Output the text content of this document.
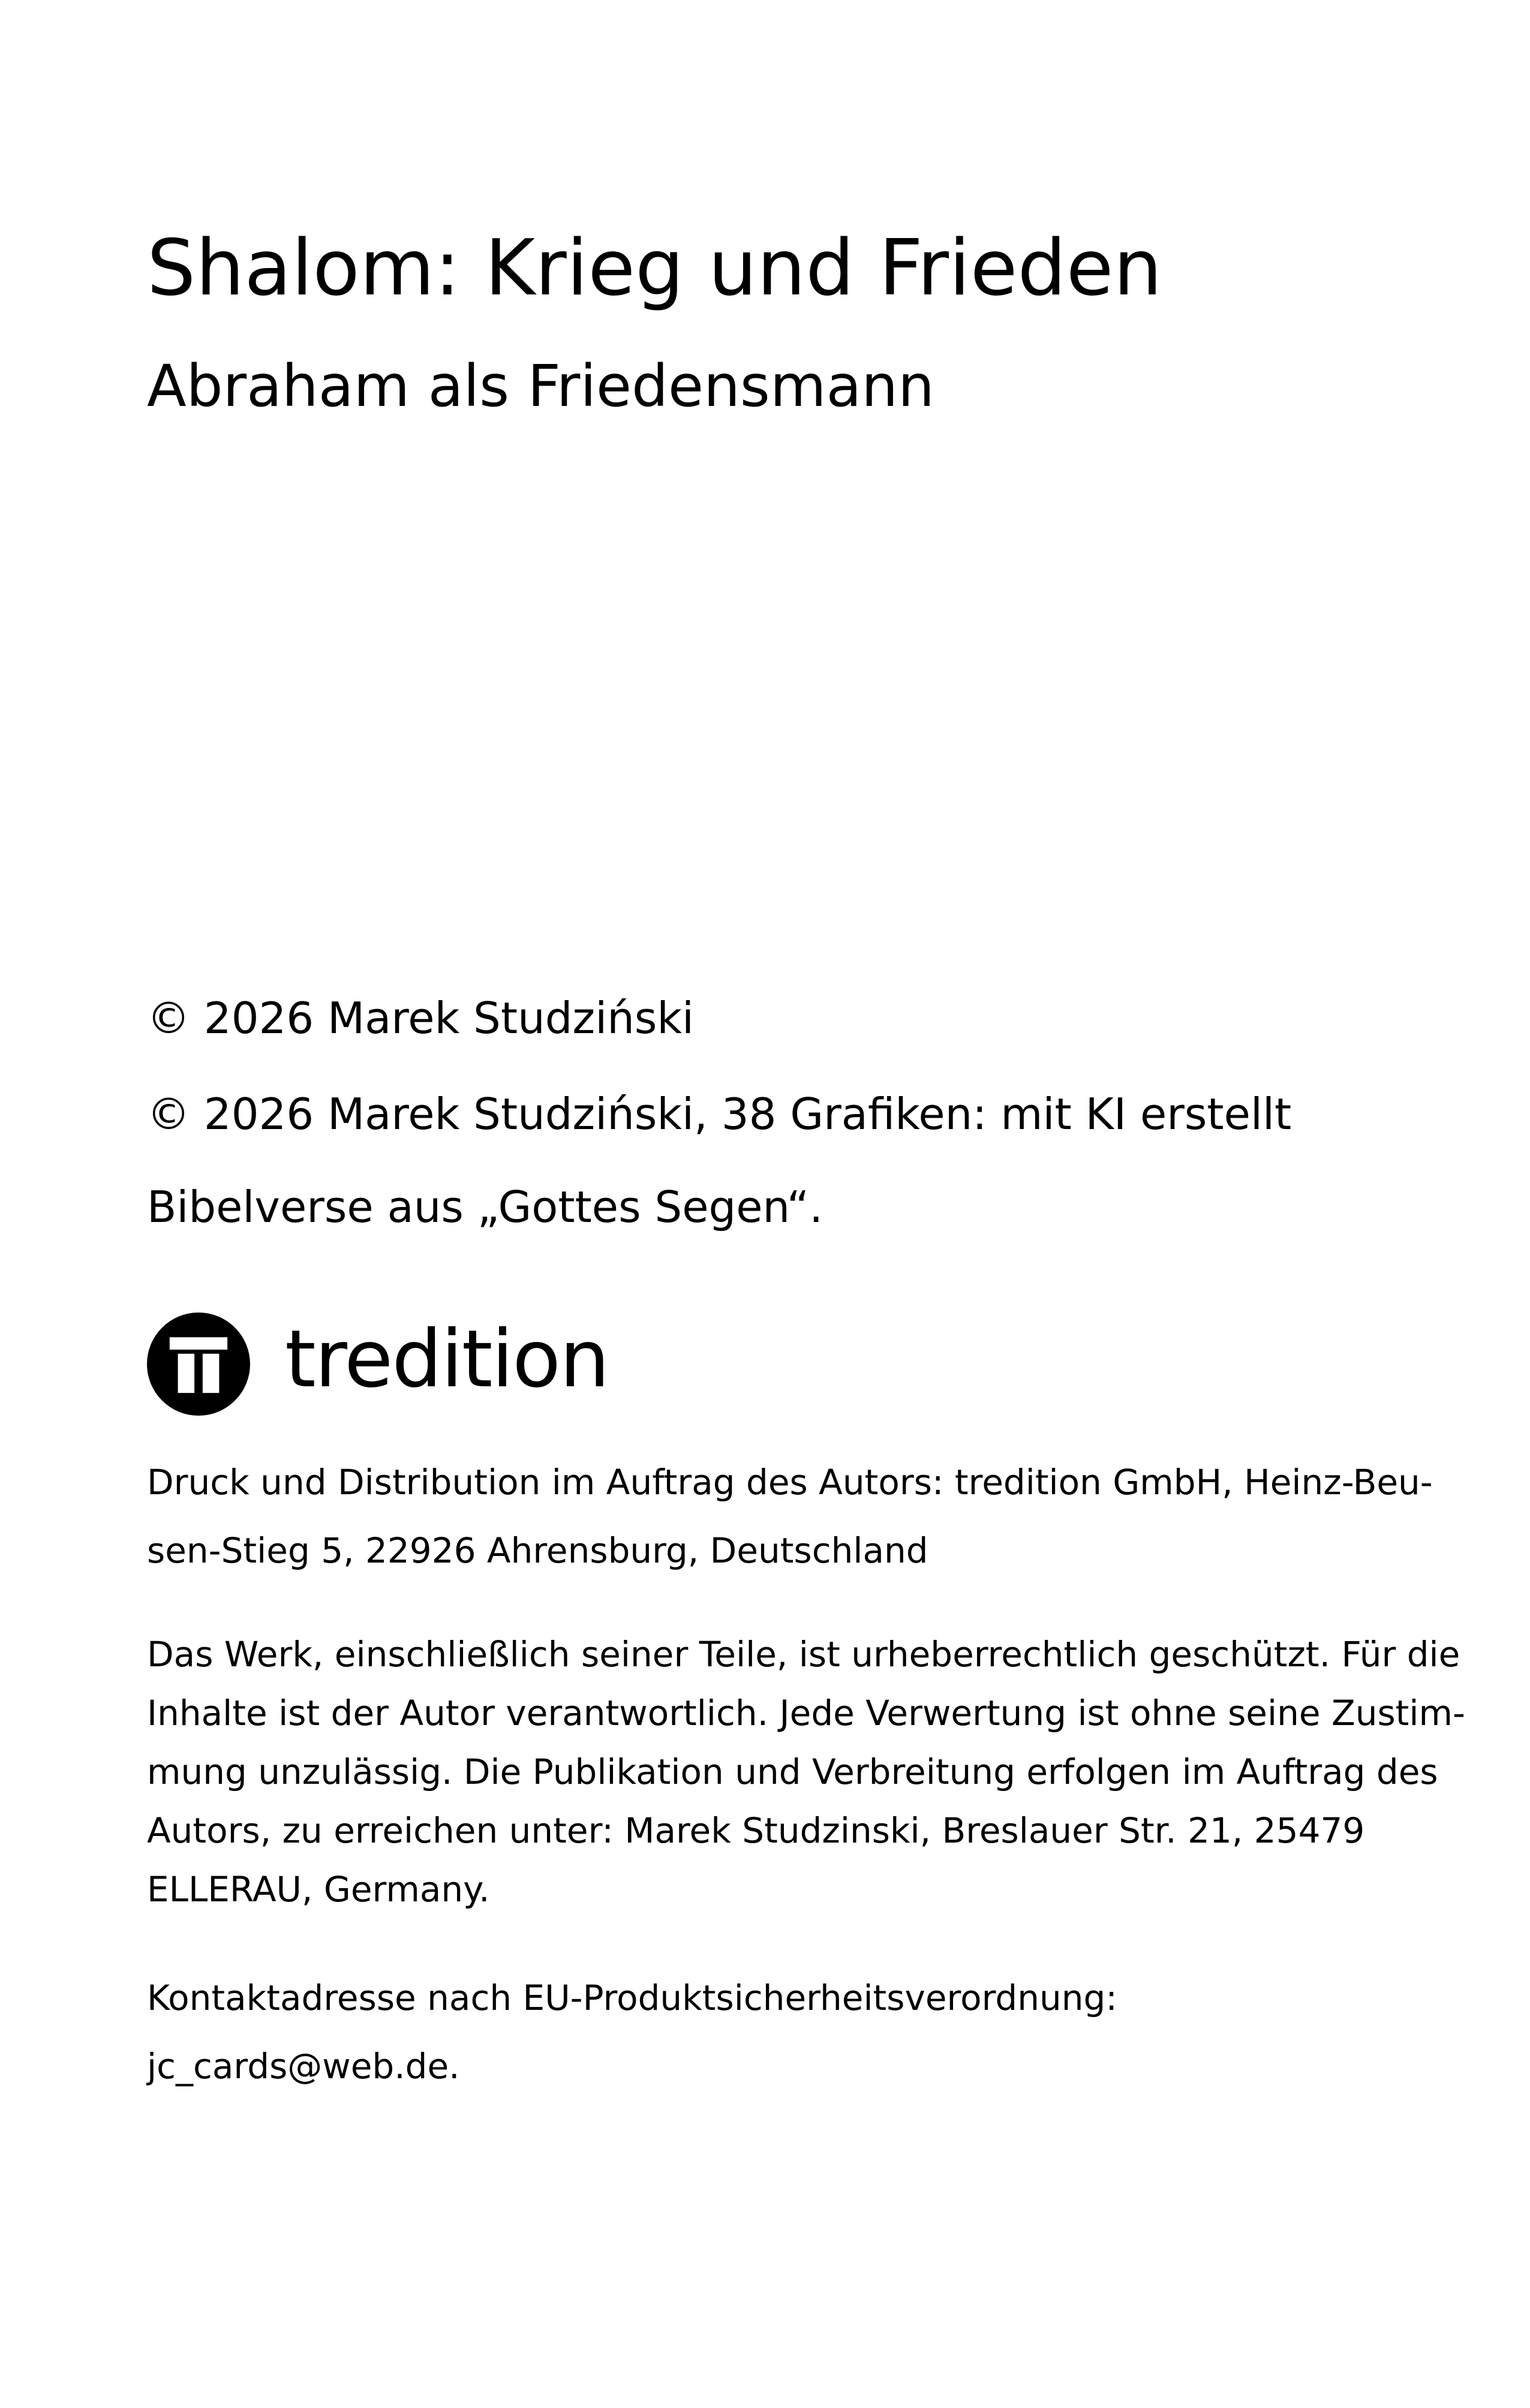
Shalom: Krieg und Frieden
Abraham als Friedensmann

© 2026 Marek Studziński

© 2026 Marek Studziński, 38 Grafiken: mit KI erstellt

Bibelverse aus „Gottes Segen“.

tredition

Druck und Distribution im Auftrag des Autors: tredition GmbH, Heinz-Beu-
sen-Stieg 5, 22926 Ahrensburg, Deutschland

Das Werk, einschließlich seiner Teile, ist urheberrechtlich geschützt. Für die
Inhalte ist der Autor verantwortlich. Jede Verwertung ist ohne seine Zustim-
mung unzulässig. Die Publikation und Verbreitung erfolgen im Auftrag des
Autors, zu erreichen unter: Marek Studzinski, Breslauer Str. 21, 25479
ELLERAU, Germany.

Kontaktadresse nach EU-Produktsicherheitsverordnung:
jc_cards@web.de.
